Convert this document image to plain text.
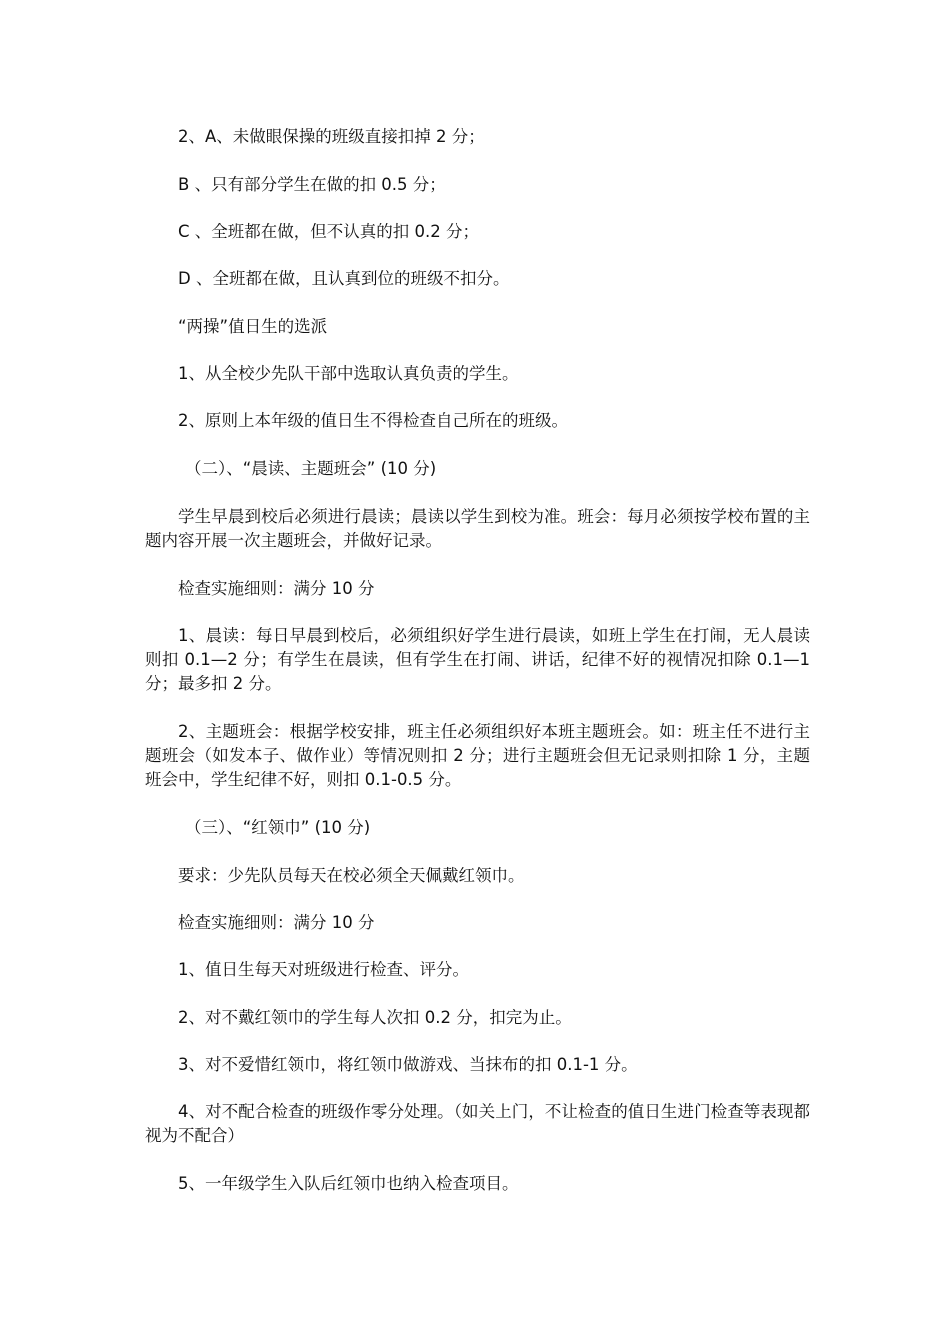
2、A、未做眼保操的班级直接扣掉 2 分；

B 、只有部分学生在做的扣 0.5 分；

C 、全班都在做，但不认真的扣 0.2 分；

D 、全班都在做，且认真到位的班级不扣分。

“两操”值日生的选派

1、从全校少先队干部中选取认真负责的学生。

2、原则上本年级的值日生不得检查自己所在的班级。

（二）、“晨读、主题班会” (10 分)

学生早晨到校后必须进行晨读；晨读以学生到校为准。班会：每月必须按学校布置的主题内容开展一次主题班会，并做好记录。

检查实施细则：满分 10 分

1、晨读：每日早晨到校后，必须组织好学生进行晨读，如班上学生在打闹，无人晨读则扣 0.1—2 分；有学生在晨读，但有学生在打闹、讲话，纪律不好的视情况扣除 0.1—1 分；最多扣 2 分。

2、主题班会：根据学校安排，班主任必须组织好本班主题班会。如：班主任不进行主题班会（如发本子、做作业）等情况则扣 2 分；进行主题班会但无记录则扣除 1 分，主题班会中，学生纪律不好，则扣 0.1-0.5 分。

（三）、“红领巾” (10 分)

要求：少先队员每天在校必须全天佩戴红领巾。

检查实施细则：满分 10 分

1、值日生每天对班级进行检查、评分。

2、对不戴红领巾的学生每人次扣 0.2 分，扣完为止。

3、对不爱惜红领巾，将红领巾做游戏、当抹布的扣 0.1-1 分。

4、对不配合检查的班级作零分处理。（如关上门，不让检查的值日生进门检查等表现都视为不配合）

5、一年级学生入队后红领巾也纳入检查项目。
